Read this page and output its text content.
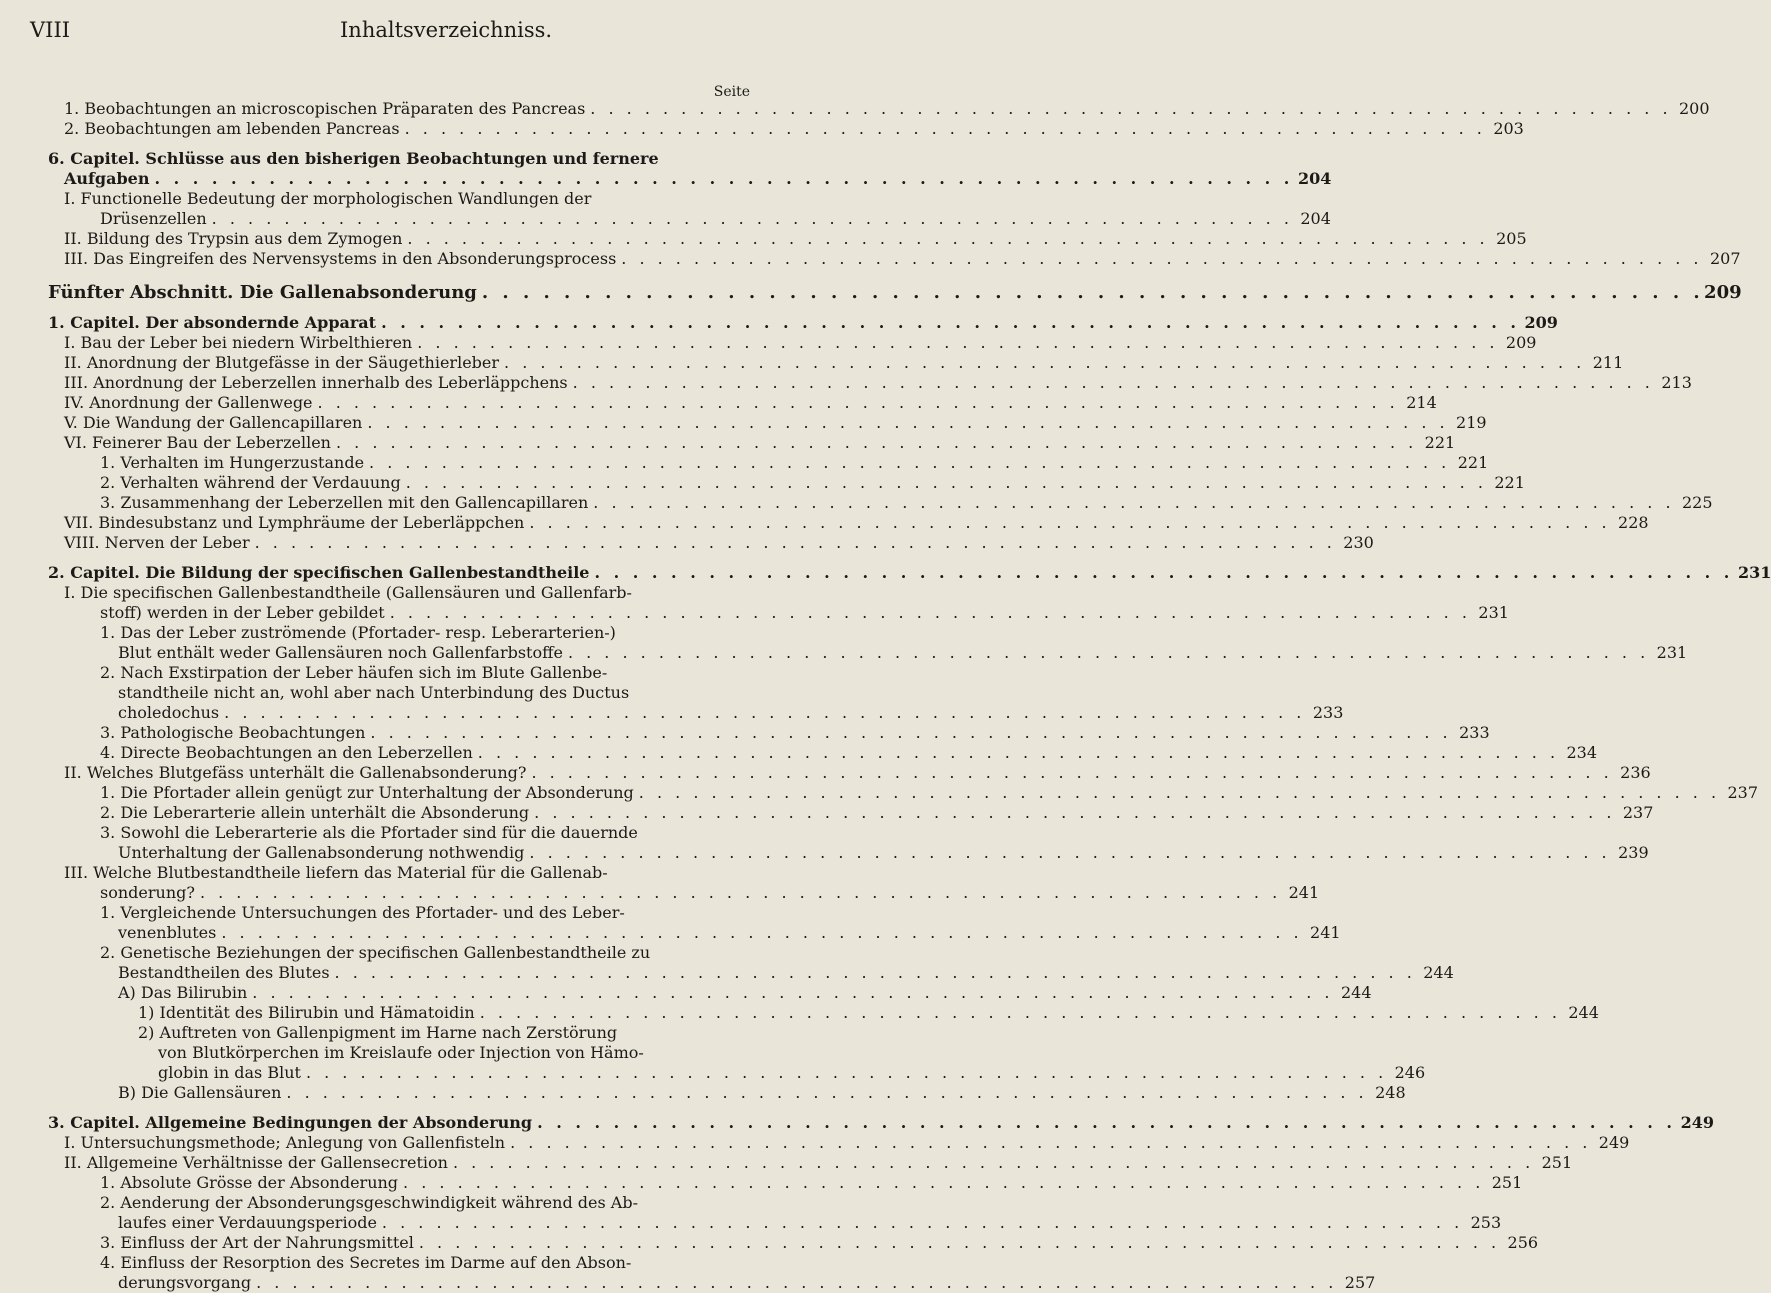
VIII	Inhaltsverzeichniss.
Seite
1. Beobachtungen an microscopischen Präparaten des Pancreas . . .	200
2. Beobachtungen am lebenden Pancreas . . .	203
6. Capitel. Schlüsse aus den bisherigen Beobachtungen und fernere
Aufgaben . . .	204
I. Functionelle Bedeutung der morphologischen Wandlungen der
Drüsenzellen . . .	204
II. Bildung des Trypsin aus dem Zymogen . . .	205
III. Das Eingreifen des Nervensystems in den Absonderungsprocess . . .	207
Fünfter Abschnitt. Die Gallenabsonderung . . .	209
1. Capitel. Der absondernde Apparat . . .	209
I. Bau der Leber bei niedern Wirbelthieren . . .	209
II. Anordnung der Blutgefässe in der Säugethierleber . . .	211
III. Anordnung der Leberzellen innerhalb des Leberläppchens . . .	213
IV. Anordnung der Gallenwege . . .	214
V. Die Wandung der Gallencapillaren . . .	219
VI. Feinerer Bau der Leberzellen . . .	221
1. Verhalten im Hungerzustande . . .	221
2. Verhalten während der Verdauung . . .	221
3. Zusammenhang der Leberzellen mit den Gallencapillaren . . .	225
VII. Bindesubstanz und Lymphräume der Leberläppchen . . .	228
VIII. Nerven der Leber . . .	230
2. Capitel. Die Bildung der specifischen Gallenbestandtheile . . .	231
I. Die specifischen Gallenbestandtheile (Gallensäuren und Gallenfarb-
stoff) werden in der Leber gebildet . . .	231
1. Das der Leber zuströmende (Pfortader- resp. Leberarterien-)
Blut enthält weder Gallensäuren noch Gallenfarbstoffe . . .	231
2. Nach Exstirpation der Leber häufen sich im Blute Gallenbe-
standtheile nicht an, wohl aber nach Unterbindung des Ductus
choledochus . . .	233
3. Pathologische Beobachtungen . . .	233
4. Directe Beobachtungen an den Leberzellen . . .	234
II. Welches Blutgefäss unterhält die Gallenabsonderung? . . .	236
1. Die Pfortader allein genügt zur Unterhaltung der Absonderung . . .	237
2. Die Leberarterie allein unterhält die Absonderung . . .	237
3. Sowohl die Leberarterie als die Pfortader sind für die dauernde
Unterhaltung der Gallenabsonderung nothwendig . . .	239
III. Welche Blutbestandtheile liefern das Material für die Gallenab-
sonderung? . . .	241
1. Vergleichende Untersuchungen des Pfortader- und des Leber-
venenblutes . . .	241
2. Genetische Beziehungen der specifischen Gallenbestandtheile zu
Bestandtheilen des Blutes . . .	244
A) Das Bilirubin . . .	244
1) Identität des Bilirubin und Hämatoidin . . .	244
2) Auftreten von Gallenpigment im Harne nach Zerstörung
von Blutkörperchen im Kreislaufe oder Injection von Hämo-
globin in das Blut . . .	246
B) Die Gallensäuren . . .	248
3. Capitel. Allgemeine Bedingungen der Absonderung . . .	249
I. Untersuchungsmethode; Anlegung von Gallenfisteln . . .	249
II. Allgemeine Verhältnisse der Gallensecretion . . .	251
1. Absolute Grösse der Absonderung . . .	251
2. Aenderung der Absonderungsgeschwindigkeit während des Ab-
laufes einer Verdauungsperiode . . .	253
3. Einfluss der Art der Nahrungsmittel . . .	256
4. Einfluss der Resorption des Secretes im Darme auf den Abson-
derungsvorgang . . .	257
